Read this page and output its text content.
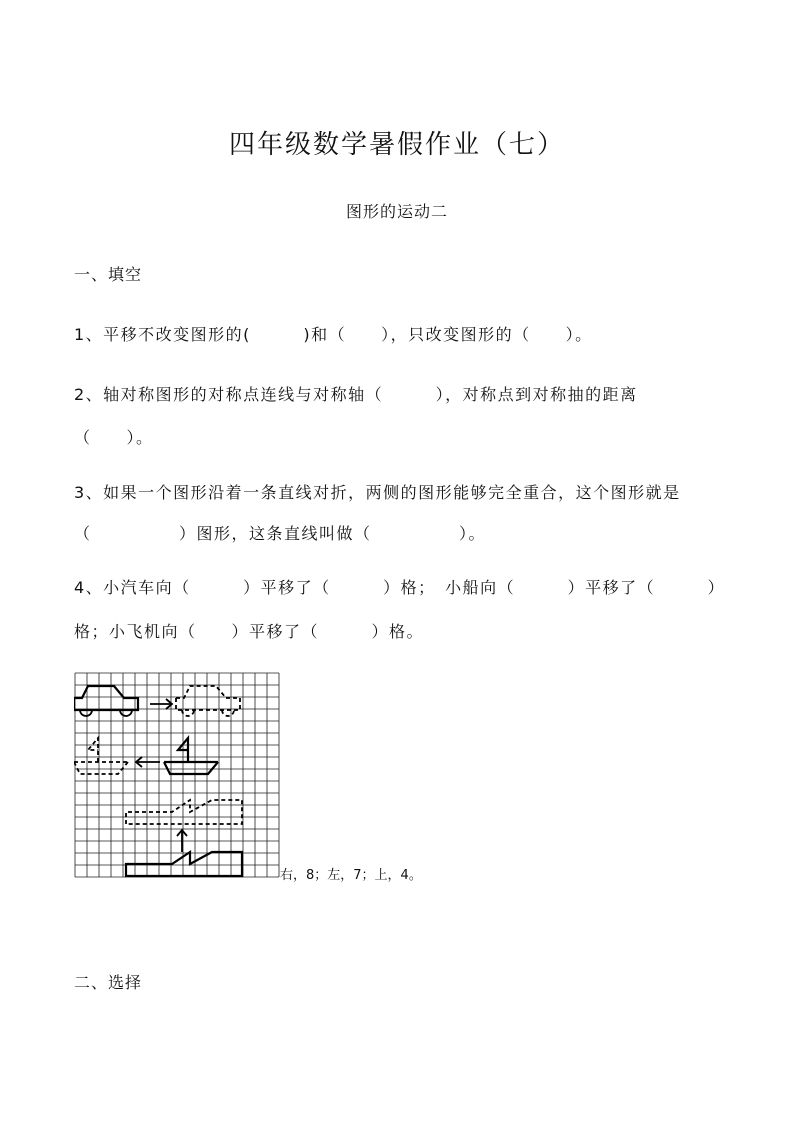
四年级数学暑假作业（七）
图形的运动二
一、填空
1、平移不改变图形的(　　　)和（　　），只改变图形的（　　）。
2、轴对称图形的对称点连线与对称轴（　　　），对称点到对称抽的距离
（　　）。
3、如果一个图形沿着一条直线对折，两侧的图形能够完全重合，这个图形就是
（　　　　　）图形，这条直线叫做（　　　　　）。
4、小汽车向（　　　）平移了（　　　）格；　小船向（　　　）平移了（　　　）
格；小飞机向（　　）平移了（　　　）格。
右，8；左，7；上，4。
二、选择
